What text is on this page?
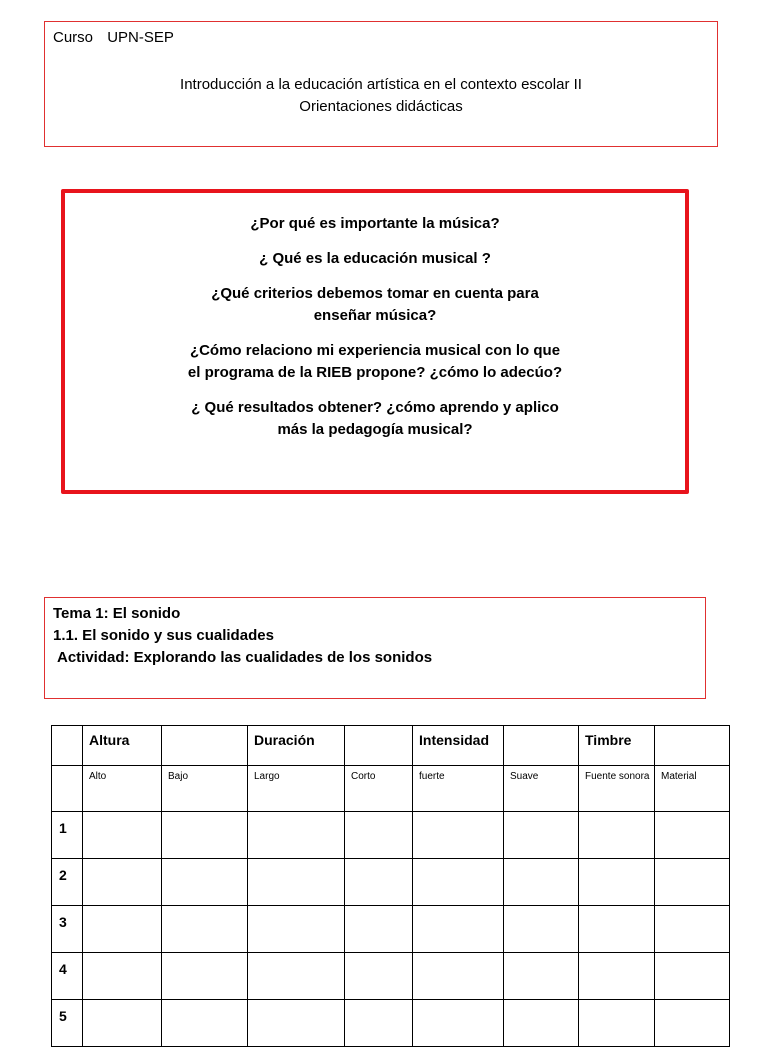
Curso UPN-SEP
Introducción a la educación artística en el contexto escolar II
Orientaciones didácticas
¿Por qué es importante la música?
¿ Qué es la educación musical ?
¿Qué criterios debemos tomar en cuenta para
enseñar música?
¿Cómo relaciono mi experiencia musical con lo que
el programa de la RIEB propone? ¿cómo lo adecúo?
¿ Qué resultados obtener? ¿cómo aprendo y aplico
más la pedagogía musical?
Tema 1: El sonido
1.1. El sonido y sus cualidades
Actividad: Explorando las cualidades de los sonidos
	Altura		Duración		Intensidad		Timbre	
	Alto	Bajo	Largo	Corto	fuerte	Suave	Fuente sonora	Material
1								
2								
3								
4								
5								
